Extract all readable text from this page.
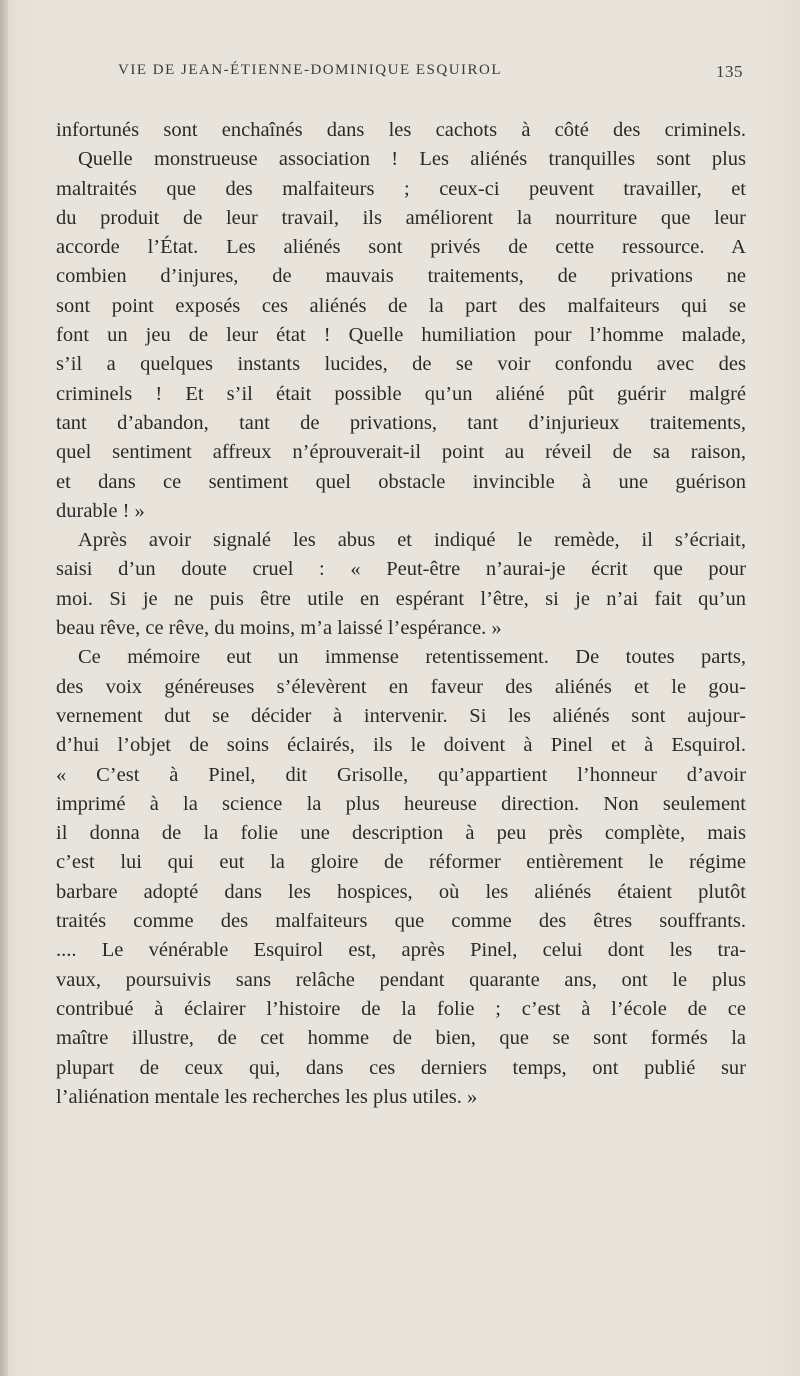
VIE DE JEAN-ÉTIENNE-DOMINIQUE ESQUIROL	135
infortunés sont enchaînés dans les cachots à côté des criminels.
Quelle monstrueuse association ! Les aliénés tranquilles sont plus
maltraités que des malfaiteurs ; ceux-ci peuvent travailler, et
du produit de leur travail, ils améliorent la nourriture que leur
accorde l’État. Les aliénés sont privés de cette ressource. A
combien d’injures, de mauvais traitements, de privations ne
sont point exposés ces aliénés de la part des malfaiteurs qui se
font un jeu de leur état ! Quelle humiliation pour l’homme malade,
s’il a quelques instants lucides, de se voir confondu avec des
criminels ! Et s’il était possible qu’un aliéné pût guérir malgré
tant d’abandon, tant de privations, tant d’injurieux traitements,
quel sentiment affreux n’éprouverait-il point au réveil de sa raison,
et dans ce sentiment quel obstacle invincible à une guérison
durable ! »
Après avoir signalé les abus et indiqué le remède, il s’écriait,
saisi d’un doute cruel : « Peut-être n’aurai-je écrit que pour
moi. Si je ne puis être utile en espérant l’être, si je n’ai fait qu’un
beau rêve, ce rêve, du moins, m’a laissé l’espérance. »
Ce mémoire eut un immense retentissement. De toutes parts,
des voix généreuses s’élevèrent en faveur des aliénés et le gou-
vernement dut se décider à intervenir. Si les aliénés sont aujour-
d’hui l’objet de soins éclairés, ils le doivent à Pinel et à Esquirol.
« C’est à Pinel, dit Grisolle, qu’appartient l’honneur d’avoir
imprimé à la science la plus heureuse direction. Non seulement
il donna de la folie une description à peu près complète, mais
c’est lui qui eut la gloire de réformer entièrement le régime
barbare adopté dans les hospices, où les aliénés étaient plutôt
traités comme des malfaiteurs que comme des êtres souffrants.
.... Le vénérable Esquirol est, après Pinel, celui dont les tra-
vaux, poursuivis sans relâche pendant quarante ans, ont le plus
contribué à éclairer l’histoire de la folie ; c’est à l’école de ce
maître illustre, de cet homme de bien, que se sont formés la
plupart de ceux qui, dans ces derniers temps, ont publié sur
l’aliénation mentale les recherches les plus utiles. »
